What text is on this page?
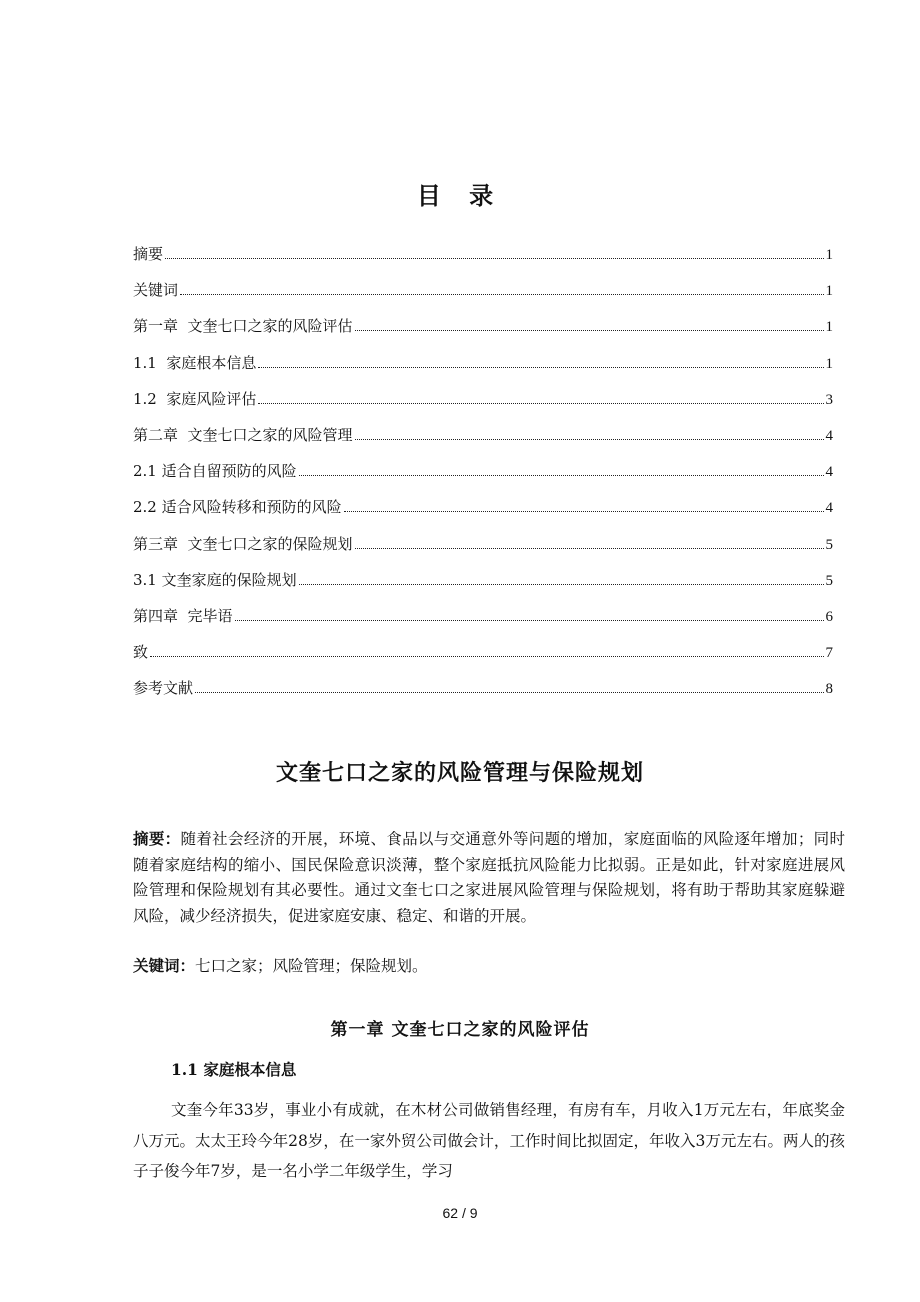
目 录
摘要	1
关键词	1
第一章  文奎七口之家的风险评估	1
1.1  家庭根本信息	1
1.2  家庭风险评估	3
第二章  文奎七口之家的风险管理	4
2.1 适合自留预防的风险	4
2.2 适合风险转移和预防的风险	4
第三章  文奎七口之家的保险规划	5
3.1 文奎家庭的保险规划	5
第四章  完毕语	6
致	7
参考文献	8
文奎七口之家的风险管理与保险规划
摘要：随着社会经济的开展，环境、食品以与交通意外等问题的增加，家庭面临的风险逐年增加；同时随着家庭结构的缩小、国民保险意识淡薄，整个家庭抵抗风险能力比拟弱。正是如此，针对家庭进展风险管理和保险规划有其必要性。通过文奎七口之家进展风险管理与保险规划，将有助于帮助其家庭躲避风险，减少经济损失，促进家庭安康、稳定、和谐的开展。
关键词：七口之家；风险管理；保险规划。
第一章 文奎七口之家的风险评估
1.1 家庭根本信息
文奎今年33岁，事业小有成就，在木材公司做销售经理，有房有车，月收入1万元左右，年底奖金八万元。太太王玲今年28岁，在一家外贸公司做会计，工作时间比拟固定，年收入3万元左右。两人的孩子子俊今年7岁，是一名小学二年级学生，学习
62 / 9
